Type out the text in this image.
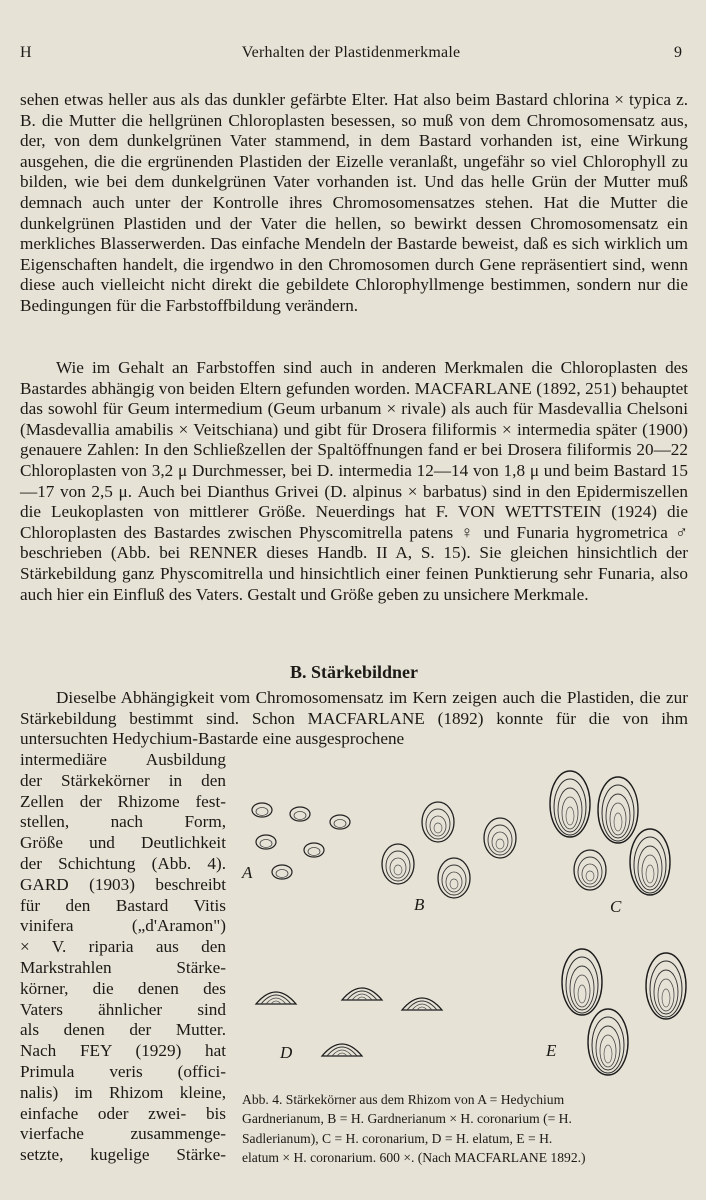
H	Verhalten der Plastidenmerkmale	9

sehen etwas heller aus als das dunkler gefärbte Elter. Hat also beim Bastard chlorina × typica z. B. die Mutter die hellgrünen Chloroplasten besessen, so muß von dem Chromosomensatz aus, der, von dem dunkelgrünen Vater stammend, in dem Bastard vorhanden ist, eine Wirkung ausgehen, die die ergrünenden Plastiden der Eizelle veranlaßt, ungefähr so viel Chlorophyll zu bilden, wie bei dem dunkelgrünen Vater vorhanden ist. Und das helle Grün der Mutter muß demnach auch unter der Kontrolle ihres Chromosomensatzes stehen. Hat die Mutter die dunkelgrünen Plastiden und der Vater die hellen, so bewirkt dessen Chromosomensatz ein merkliches Blasserwerden. Das einfache Mendeln der Bastarde beweist, daß es sich wirklich um Eigenschaften handelt, die irgendwo in den Chromosomen durch Gene repräsentiert sind, wenn diese auch vielleicht nicht direkt die gebildete Chlorophyllmenge bestimmen, sondern nur die Bedingungen für die Farbstoffbildung verändern.

Wie im Gehalt an Farbstoffen sind auch in anderen Merkmalen die Chloroplasten des Bastardes abhängig von beiden Eltern gefunden worden. MACFARLANE (1892, 251) behauptet das sowohl für Geum intermedium (Geum urbanum × rivale) als auch für Masdevallia Chelsoni (Masdevallia amabilis × Veitschiana) und gibt für Drosera filiformis × intermedia später (1900) genauere Zahlen: In den Schließzellen der Spaltöffnungen fand er bei Drosera filiformis 20—22 Chloroplasten von 3,2 μ Durchmesser, bei D. intermedia 12—14 von 1,8 μ und beim Bastard 15—17 von 2,5 μ. Auch bei Dianthus Grivei (D. alpinus × barbatus) sind in den Epidermiszellen die Leukoplasten von mittlerer Größe. Neuerdings hat F. VON WETTSTEIN (1924) die Chloroplasten des Bastardes zwischen Physcomitrella patens ♀ und Funaria hygrometrica ♂ beschrieben (Abb. bei RENNER dieses Handb. II A, S. 15). Sie gleichen hinsichtlich der Stärkebildung ganz Physcomitrella und hinsichtlich einer feinen Punktierung sehr Funaria, also auch hier ein Einfluß des Vaters. Gestalt und Größe geben zu unsichere Merkmale.

B. Stärkebildner

Dieselbe Abhängigkeit vom Chromosomensatz im Kern zeigen auch die Plastiden, die zur Stärkebildung bestimmt sind. Schon MACFARLANE (1892) konnte für die von ihm untersuchten Hedychium-Bastarde eine ausgesprochene

intermediäre Ausbildung
der Stärkekörner in den
Zellen der Rhizome fest-
stellen, nach Form,
Größe und Deutlichkeit
der Schichtung (Abb. 4).
GARD (1903) beschreibt
für den Bastard Vitis
vinifera („d'Aramon")
× V. riparia aus den
Markstrahlen Stärke-
körner, die denen des
Vaters ähnlicher sind
als denen der Mutter.
Nach FEY (1929) hat
Primula veris (offici-
nalis) im Rhizom kleine,
einfache oder zwei- bis
vierfache zusammenge-
setzte, kugelige Stärke-
A
B	C
D	E
Abb. 4. Stärkekörner aus dem Rhizom von A = Hedychium
Gardnerianum, B = H. Gardnerianum × H. coronarium (= H.
Sadlerianum), C = H. coronarium, D = H. elatum, E = H.
elatum × H. coronarium. 600 ×. (Nach MACFARLANE 1892.)
